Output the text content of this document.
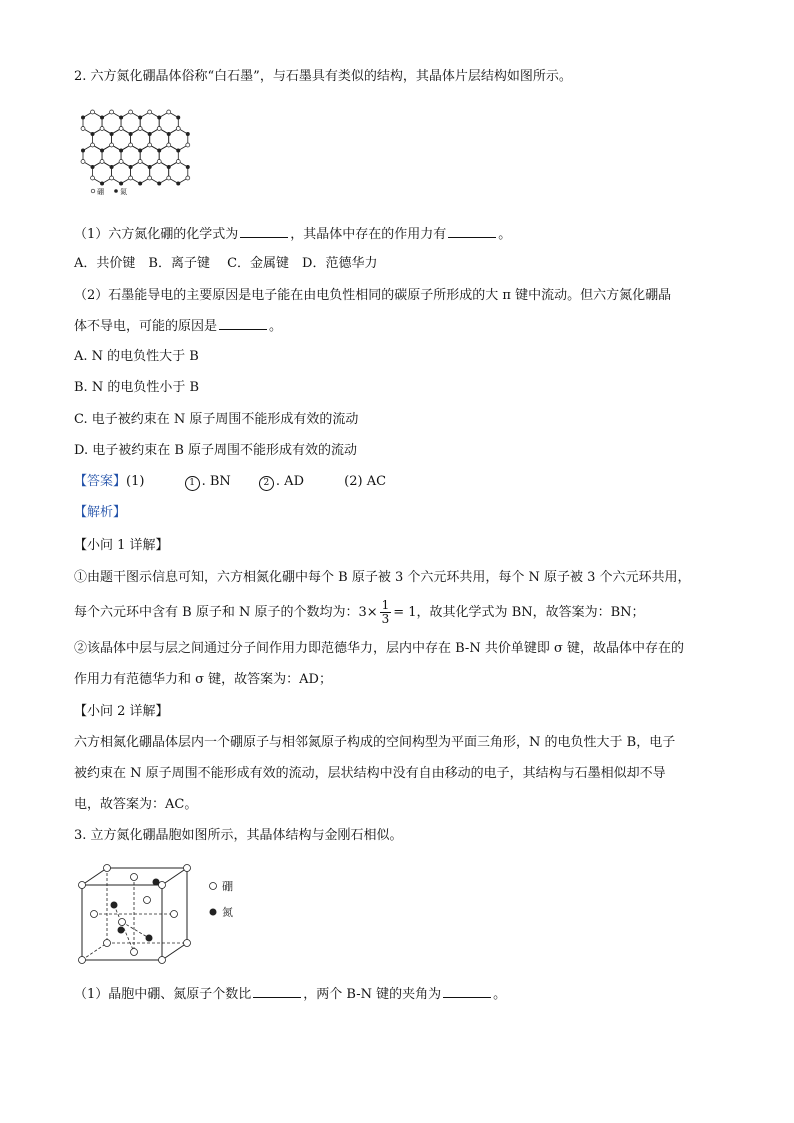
2. 六方氮化硼晶体俗称“白石墨”，与石墨具有类似的结构，其晶体片层结构如图所示。
硼 氮
（1）六方氮化硼的化学式为	，其晶体中存在的作用力有	。
A．共价键　B．离子键　 C．金属键　D．范德华力
（2）石墨能导电的主要原因是电子能在由电负性相同的碳原子所形成的大 π 键中流动。但六方氮化硼晶
体不导电，可能的原因是	。
A. N 的电负性大于 B
B. N 的电负性小于 B
C. 电子被约束在 N 原子周围不能形成有效的流动
D. 电子被约束在 B 原子周围不能形成有效的流动
【答案】(1)	1 . BN	2 . AD	(2) AC
【解析】
【小问 1 详解】
①由题干图示信息可知，六方相氮化硼中每个 B 原子被 3 个六元环共用，每个 N 原子被 3 个六元环共用，
每个六元环中含有 B 原子和 N 原子的个数均为：$3\times \frac{1}{3} = 1$，故其化学式为 BN，故答案为：BN；
②该晶体中层与层之间通过分子间作用力即范德华力，层内中存在 B-N 共价单键即 σ 键，故晶体中存在的
作用力有范德华力和 σ 键，故答案为：AD；
【小问 2 详解】
六方相氮化硼晶体层内一个硼原子与相邻氮原子构成的空间构型为平面三角形，N 的电负性大于 B，电子
被约束在 N 原子周围不能形成有效的流动，层状结构中没有自由移动的电子，其结构与石墨相似却不导
电，故答案为：AC。
3. 立方氮化硼晶胞如图所示，其晶体结构与金刚石相似。
硼
氮
（1）晶胞中硼、氮原子个数比	，两个 B-N 键的夹角为	。
